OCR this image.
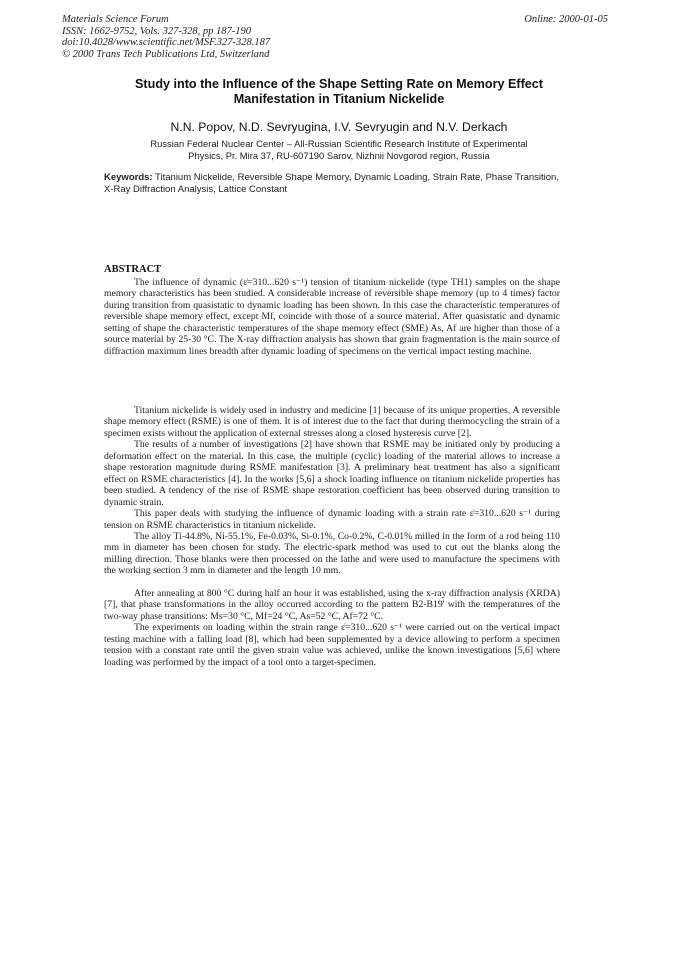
Materials Science Forum
ISSN: 1662-9752, Vols. 327-328, pp 187-190
doi:10.4028/www.scientific.net/MSF.327-328.187
© 2000 Trans Tech Publications Ltd, Switzerland
Online: 2000-01-05
Study into the Influence of the Shape Setting Rate on Memory Effect
Manifestation in Titanium Nickelide
N.N. Popov, N.D. Sevryugina, I.V. Sevryugin and N.V. Derkach
Russian Federal Nuclear Center – All-Russian Scientific Research Institute of Experimental
Physics, Pr. Mira 37, RU-607190 Sarov, Nizhnii Novgorod region, Russia
Keywords: Titanium Nickelide, Reversible Shape Memory, Dynamic Loading, Strain Rate, Phase Transition, X-Ray Diffraction Analysis, Lattice Constant
ABSTRACT

The influence of dynamic (ε̇=310...620 s⁻¹) tension of titanium nickelide (type TH1) samples on the shape memory characteristics has been studied. A considerable increase of reversible shape memory (up to 4 times) factor during transition from quasistatic to dynamic loading has been shown. In this case the characteristic temperatures of reversible shape memory effect, except Mf, coincide with those of a source material. After quasistatic and dynamic setting of shape the characteristic temperatures of the shape memory effect (SME) As, Af are higher than those of a source material by 25-30 °C. The X-ray diffraction analysis has shown that grain fragmentation is the main source of diffraction maximum lines breadth after dynamic loading of specimens on the vertical impact testing machine.

Titanium nickelide is widely used in industry and medicine [1] because of its unique properties. A reversible shape memory effect (RSME) is one of them. It is of interest due to the fact that during thermocycling the strain of a specimen exists without the application of external stresses along a closed hysteresis curve [2].

The results of a number of investigations [2] have shown that RSME may be initiated only by producing a deformation effect on the material. In this case, the multiple (cyclic) loading of the material allows to increase a shape restoration magnitude during RSME manifestation [3]. A preliminary heat treatment has also a significant effect on RSME characteristics [4]. In the works [5,6] a shock loading influence on titanium nickelide properties has been studied. A tendency of the rise of RSME shape restoration coefficient has been observed during transition to dynamic strain.

This paper deals with studying the influence of dynamic loading with a strain rate ε̇=310...620 s⁻¹ during tension on RSME characteristics in titanium nickelide.

The alloy Ti-44.8%, Ni-55.1%, Fe-0.03%, Si-0.1%, Co-0.2%, C-0.01% milled in the form of a rod being 110 mm in diameter has been chosen for study. The electric-spark method was used to cut out the blanks along the milling direction. Those blanks were then processed on the lathe and were used to manufacture the specimens with the working section 3 mm in diameter and the length 10 mm.

After annealing at 800 °C during half an hour it was established, using the x-ray diffraction analysis (XRDA) [7], that phase transformations in the alloy occurred according to the pattern B2-B19' with the temperatures of the two-way phase transitions: Ms=30 °C, Mf=24 °C, As=52 °C, Af=72 °C.

The experiments on loading within the strain range ε̇=310...620 s⁻¹ were carried out on the vertical impact testing machine with a falling load [8], which had been supplemented by a device allowing to perform a specimen tension with a constant rate until the given strain value was achieved, unlike the known investigations [5,6] where loading was performed by the impact of a tool onto a target-specimen.
